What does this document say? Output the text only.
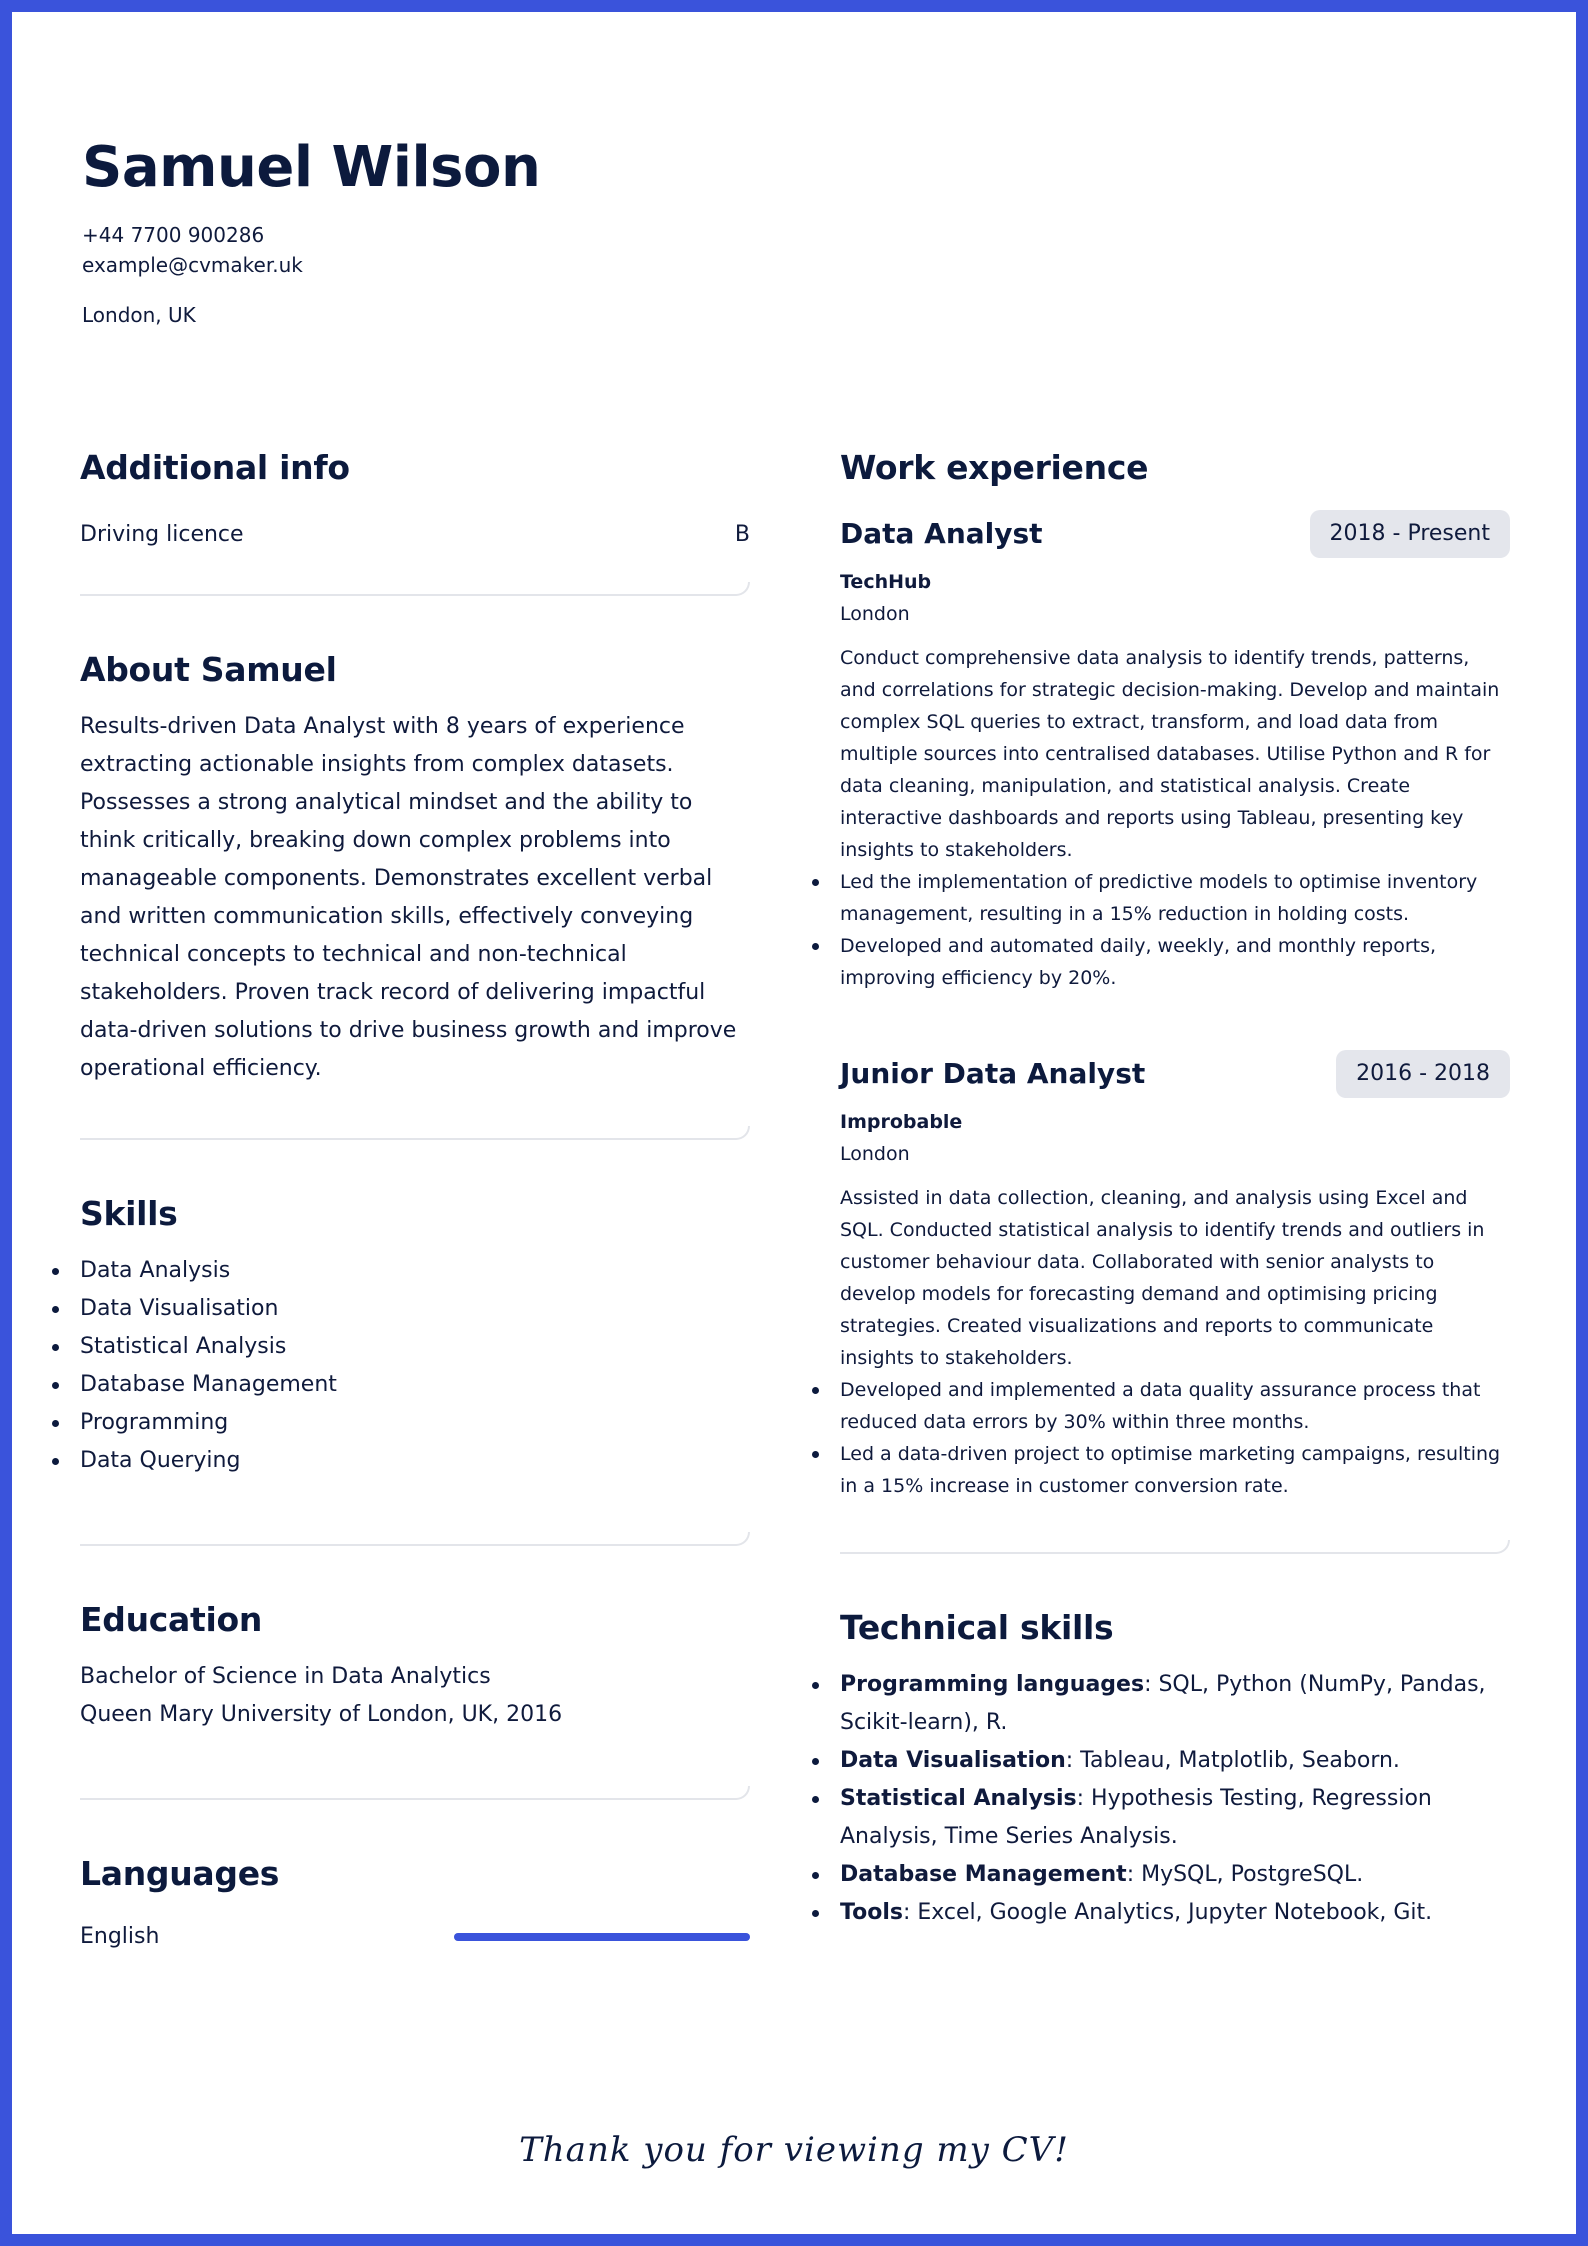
Samuel Wilson
+44 7700 900286
example@cvmaker.uk
London, UK
Additional info
Driving licence	B
About Samuel

Results-driven Data Analyst with 8 years of experience extracting actionable insights from complex datasets. Possesses a strong analytical mindset and the ability to think critically, breaking down complex problems into manageable components. Demonstrates excellent verbal and written communication skills, effectively conveying technical concepts to technical and non-technical stakeholders. Proven track record of delivering impactful data-driven solutions to drive business growth and improve operational efficiency.

Skills
Data Analysis
Data Visualisation
Statistical Analysis
Database Management
Programming
Data Querying
Education
Bachelor of Science in Data Analytics
Queen Mary University of London, UK, 2016
Languages
English
Work experience
Data Analyst	2018 - Present
TechHub
London

Conduct comprehensive data analysis to identify trends, patterns, and correlations for strategic decision-making. Develop and maintain complex SQL queries to extract, transform, and load data from multiple sources into centralised databases. Utilise Python and R for data cleaning, manipulation, and statistical analysis. Create interactive dashboards and reports using Tableau, presenting key insights to stakeholders.

Led the implementation of predictive models to optimise inventory management, resulting in a 15% reduction in holding costs.
Developed and automated daily, weekly, and monthly reports, improving efficiency by 20%.
Junior Data Analyst	2016 - 2018
Improbable
London

Assisted in data collection, cleaning, and analysis using Excel and SQL. Conducted statistical analysis to identify trends and outliers in customer behaviour data. Collaborated with senior analysts to develop models for forecasting demand and optimising pricing strategies. Created visualizations and reports to communicate insights to stakeholders.

Developed and implemented a data quality assurance process that reduced data errors by 30% within three months.
Led a data-driven project to optimise marketing campaigns, resulting in a 15% increase in customer conversion rate.
Technical skills
Programming languages: SQL, Python (NumPy, Pandas, Scikit-learn), R.
Data Visualisation: Tableau, Matplotlib, Seaborn.
Statistical Analysis: Hypothesis Testing, Regression Analysis, Time Series Analysis.
Database Management: MySQL, PostgreSQL.
Tools: Excel, Google Analytics, Jupyter Notebook, Git.
Thank you for viewing my CV!
